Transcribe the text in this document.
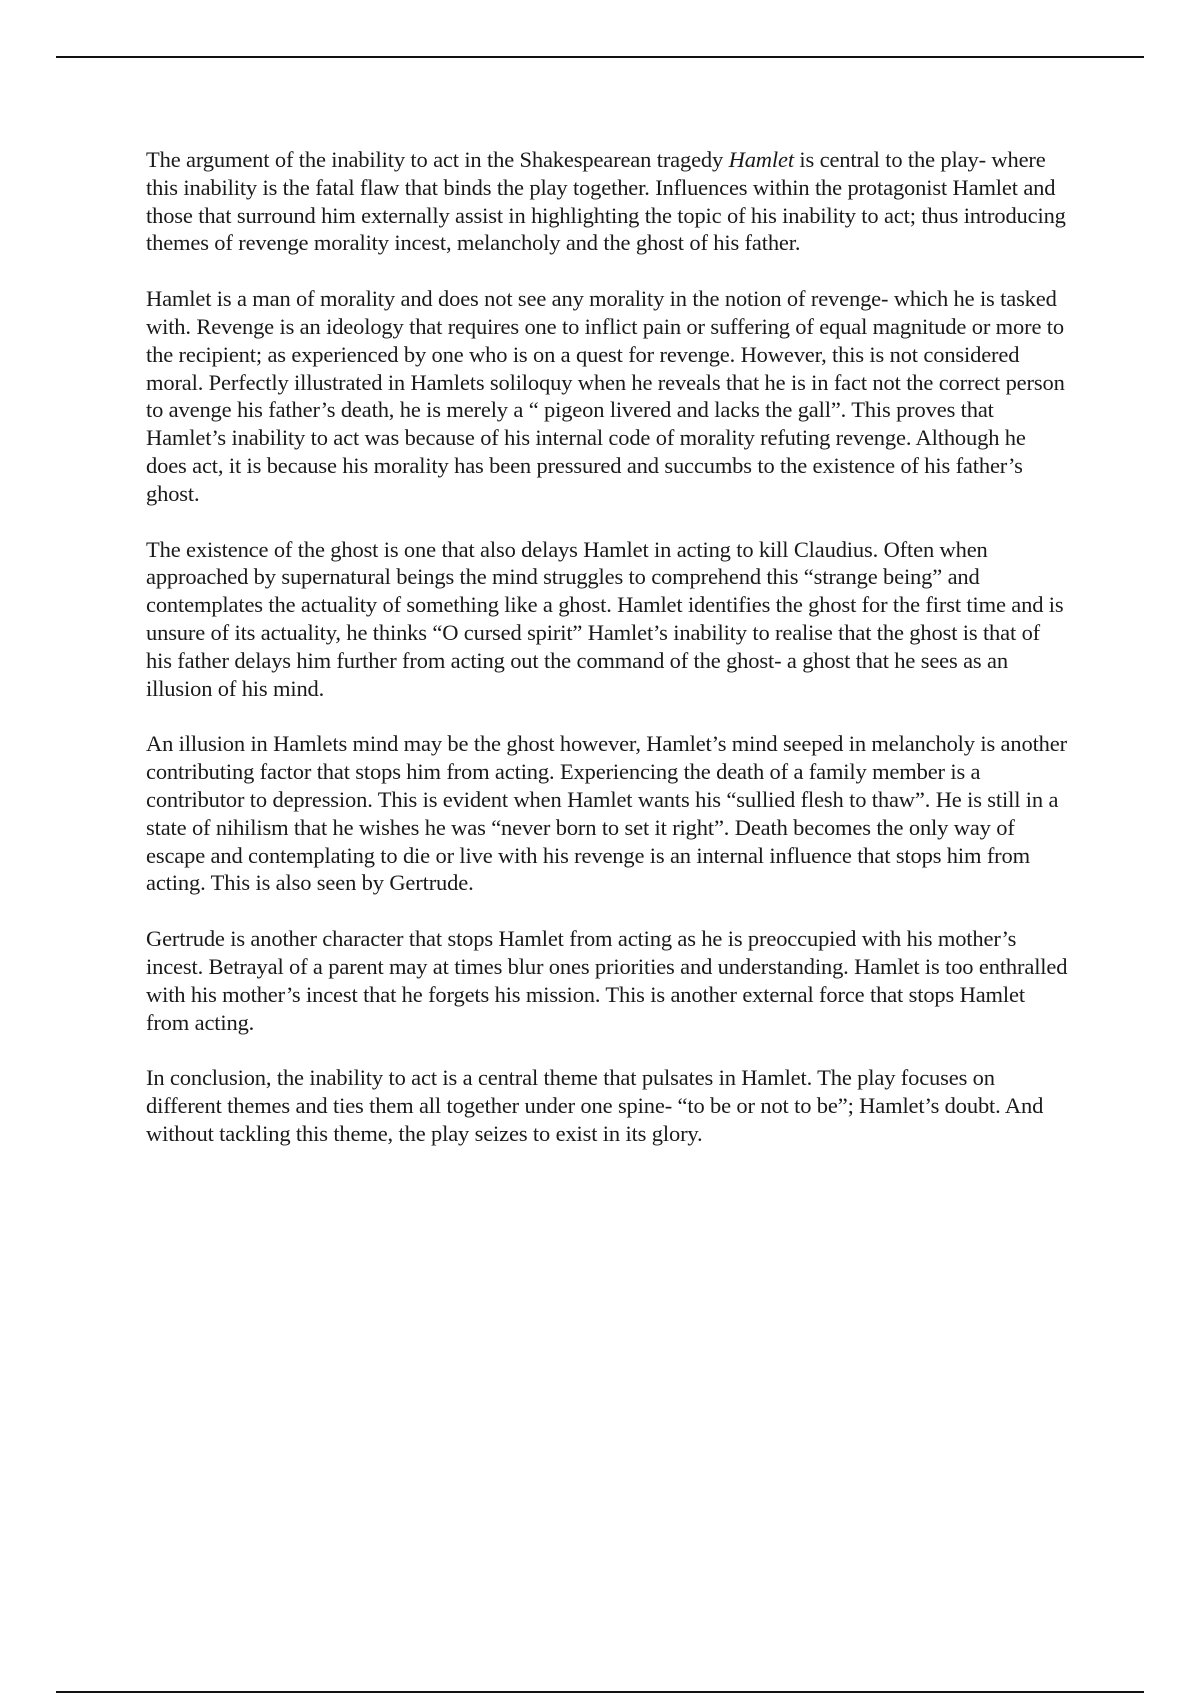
The argument of the inability to act in the Shakespearean tragedy Hamlet is central to the play- where this inability is the fatal flaw that binds the play together. Influences within the protagonist Hamlet and those that surround him externally assist in highlighting the topic of his inability to act; thus introducing themes of revenge morality incest, melancholy and the ghost of his father.

Hamlet is a man of morality and does not see any morality in the notion of revenge- which he is tasked with. Revenge is an ideology that requires one to inflict pain or suffering of equal magnitude or more to the recipient; as experienced by one who is on a quest for revenge. However, this is not considered moral. Perfectly illustrated in Hamlets soliloquy when he reveals that he is in fact not the correct person to avenge his father’s death, he is merely a “ pigeon livered and lacks the gall”. This proves that Hamlet’s inability to act was because of his internal code of morality refuting revenge. Although he does act, it is because his morality has been pressured and succumbs to the existence of his father’s ghost.

The existence of the ghost is one that also delays Hamlet in acting to kill Claudius. Often when approached by supernatural beings the mind struggles to comprehend this “strange being” and contemplates the actuality of something like a ghost. Hamlet identifies the ghost for the first time and is unsure of its actuality, he thinks “O cursed spirit” Hamlet’s inability to realise that the ghost is that of his father delays him further from acting out the command of the ghost- a ghost that he sees as an illusion of his mind.

An illusion in Hamlets mind may be the ghost however, Hamlet’s mind seeped in melancholy is another contributing factor that stops him from acting. Experiencing the death of a family member is a contributor to depression. This is evident when Hamlet wants his “sullied flesh to thaw”. He is still in a state of nihilism that he wishes he was “never born to set it right”. Death becomes the only way of escape and contemplating to die or live with his revenge is an internal influence that stops him from acting. This is also seen by Gertrude.

Gertrude is another character that stops Hamlet from acting as he is preoccupied with his mother’s incest. Betrayal of a parent may at times blur ones priorities and understanding. Hamlet is too enthralled with his mother’s incest that he forgets his mission. This is another external force that stops Hamlet from acting.

In conclusion, the inability to act is a central theme that pulsates in Hamlet. The play focuses on different themes and ties them all together under one spine- “to be or not to be”; Hamlet’s doubt. And without tackling this theme, the play seizes to exist in its glory.
